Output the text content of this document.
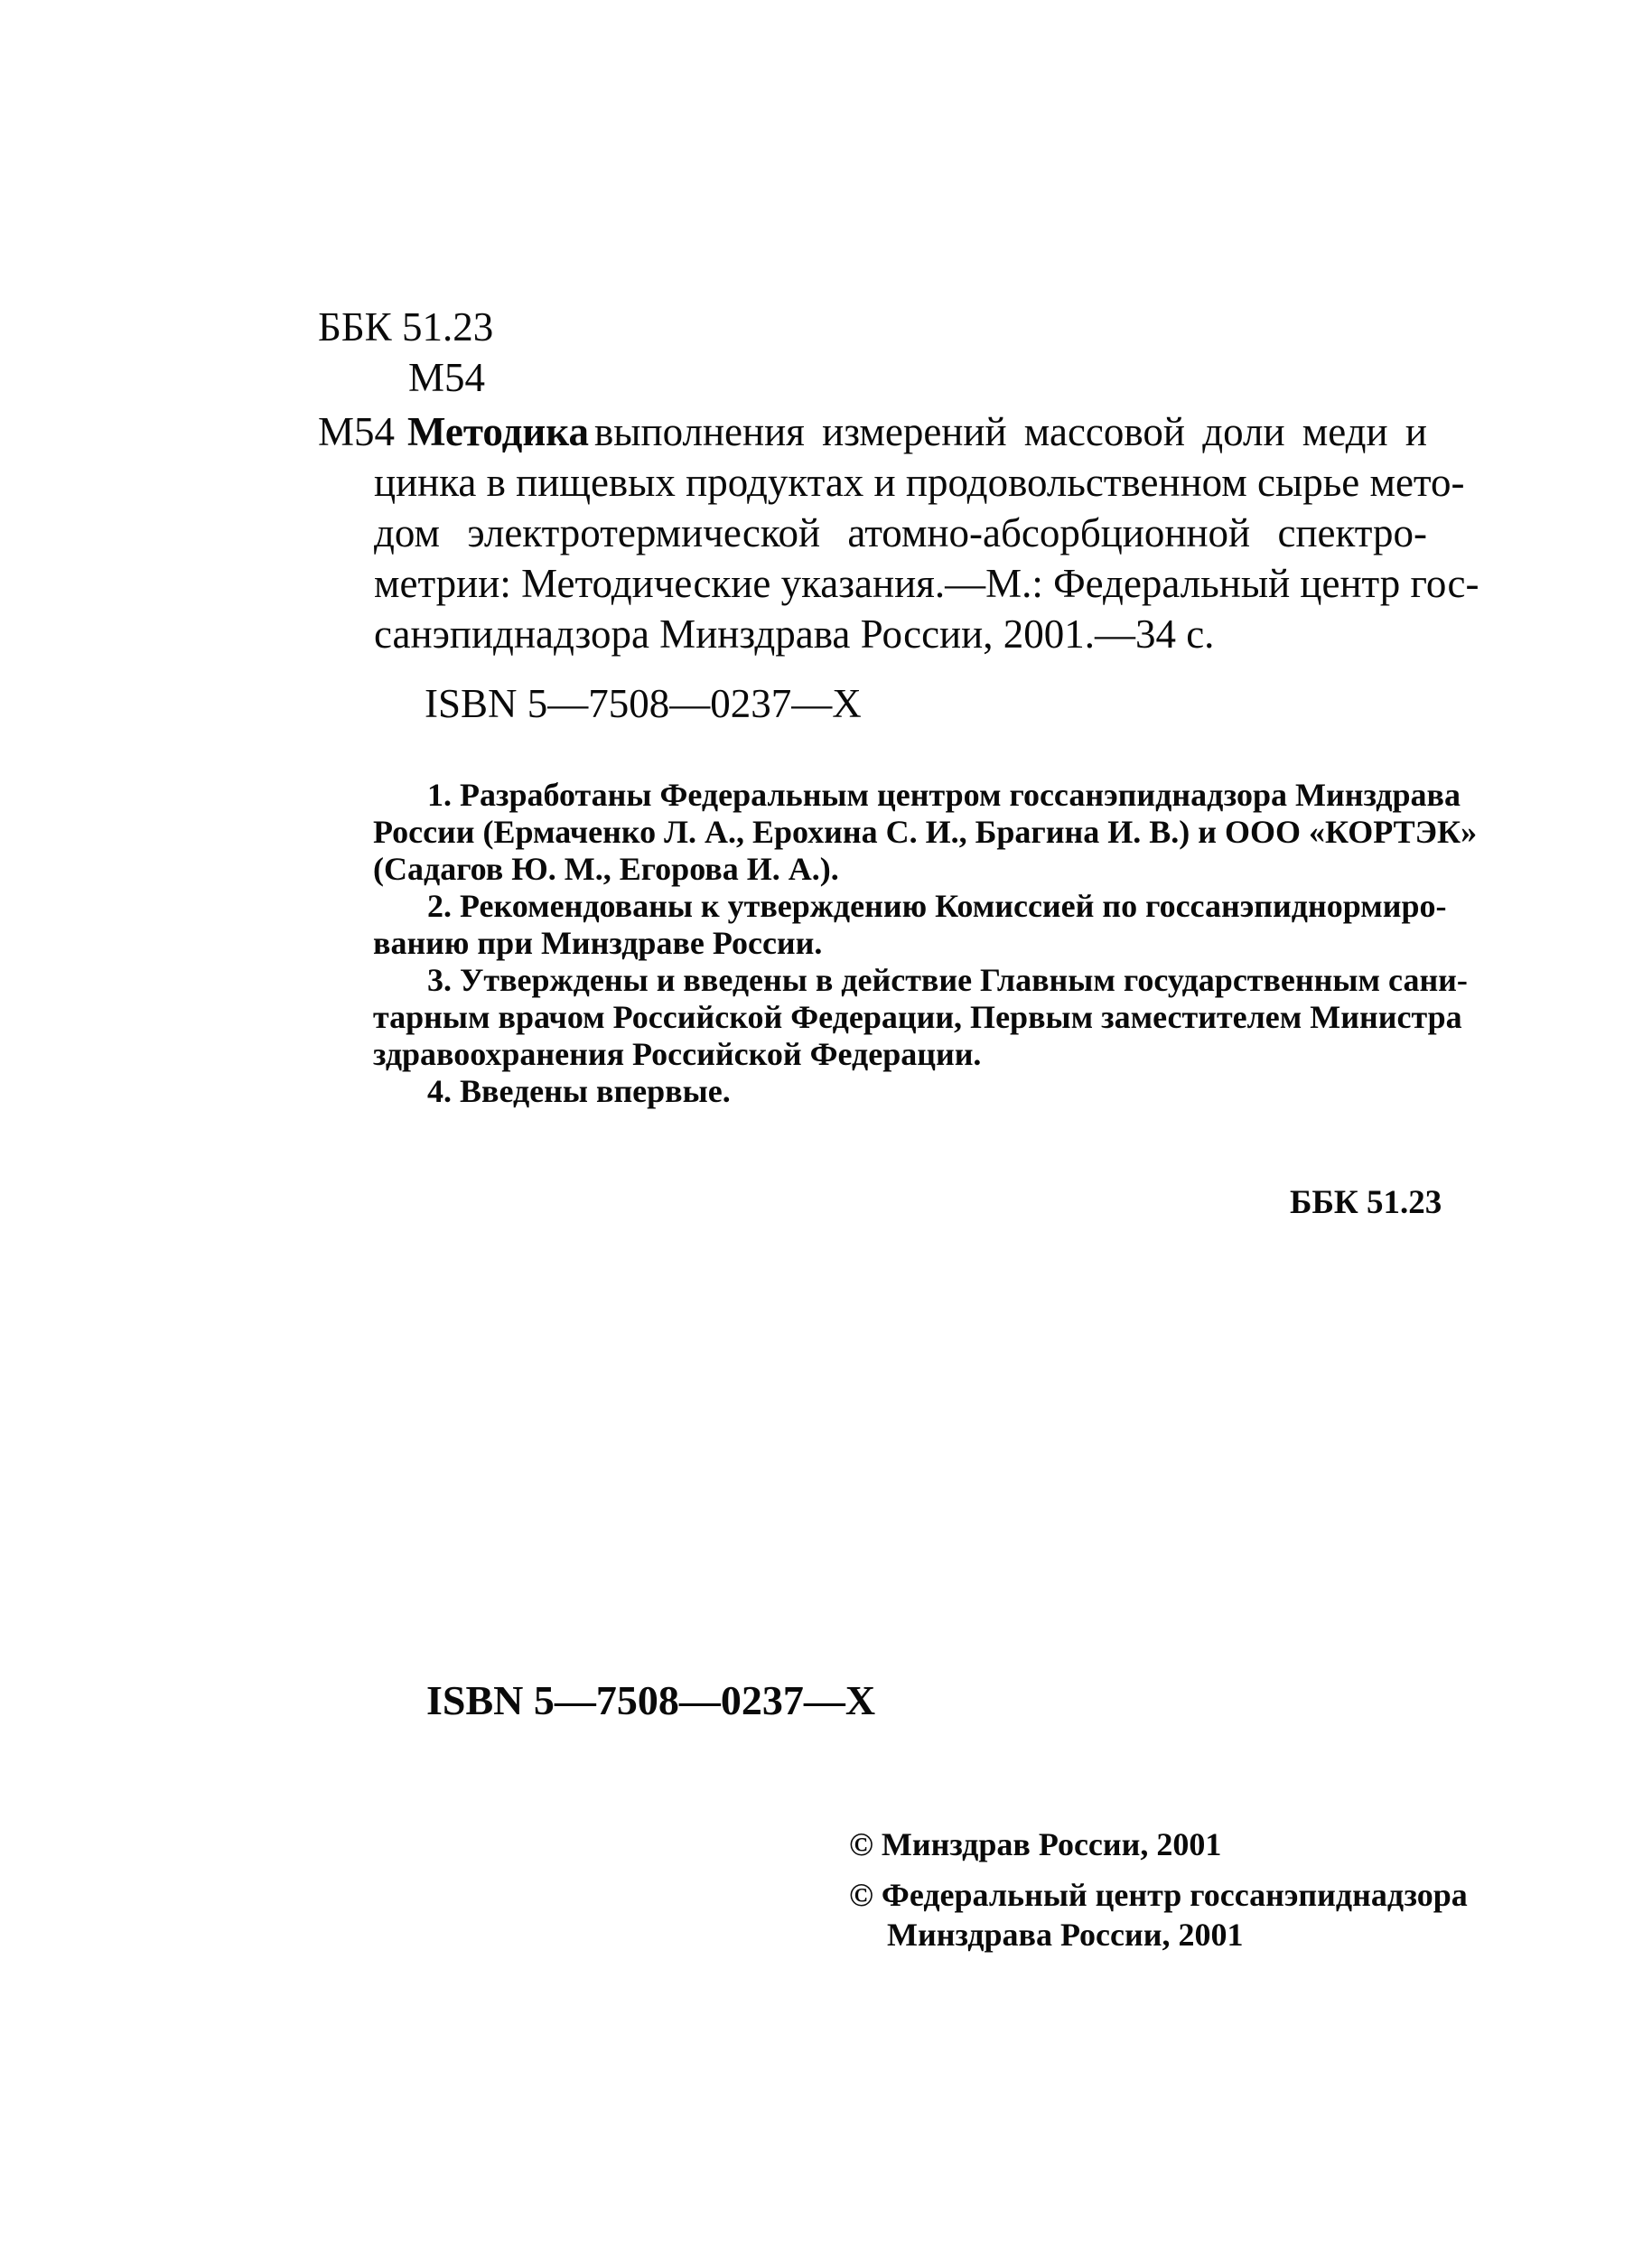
ББК 51.23
М54
М54 Методика выполнения измерений массовой доли меди и
цинка в пищевых продуктах и продовольственном сырье мето-
дом электротермической атомно-абсорбционной спектро-
метрии: Методические указания.—М.: Федеральный центр гос-
санэпиднадзора Минздрава России, 2001.—34 с.
ISBN 5—7508—0237—X
1. Разработаны Федеральным центром госсанэпиднадзора Минздрава
России (Ермаченко Л. А., Ерохина С. И., Брагина И. В.) и ООО «КОРТЭК»
(Садагов Ю. М., Егорова И. А.).
2. Рекомендованы к утверждению Комиссией по госсанэпиднормиро-
ванию при Минздраве России.
3. Утверждены и введены в действие Главным государственным сани-
тарным врачом Российской Федерации, Первым заместителем Министра
здравоохранения Российской Федерации.
4. Введены впервые.
ББК 51.23
ISBN 5—7508—0237—X
© Минздрав России, 2001
© Федеральный центр госсанэпиднадзора
Минздрава России, 2001
